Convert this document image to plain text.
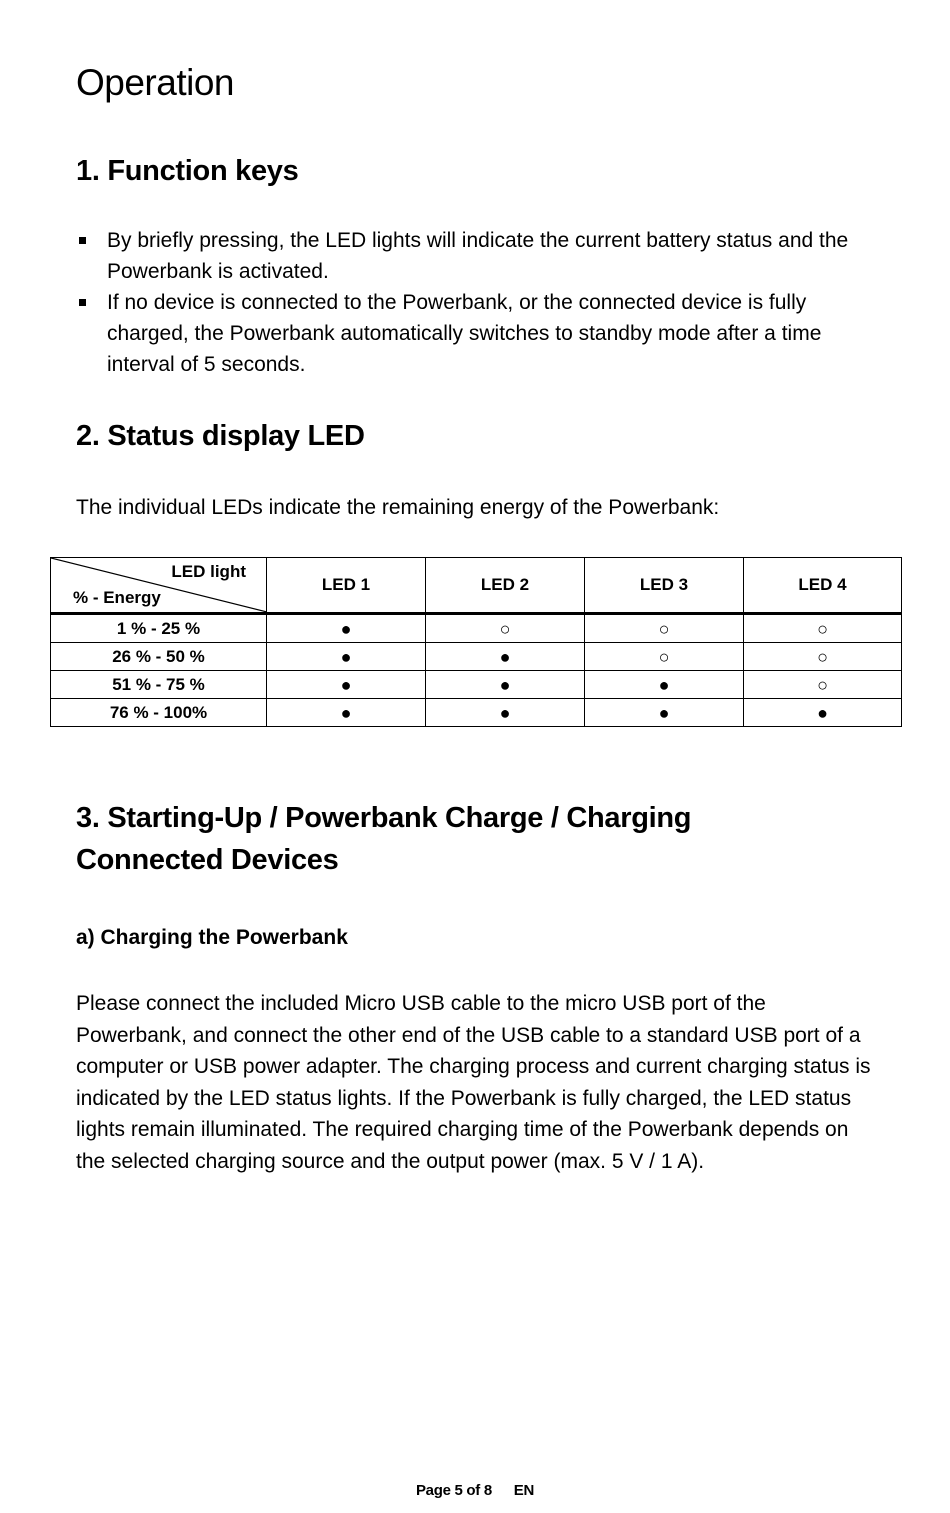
Operation
1. Function keys
By briefly pressing, the LED lights will indicate the current battery status and the Powerbank is activated.
If no device is connected to the Powerbank, or the connected device is fully charged, the Powerbank automatically switches to standby mode after a time interval of 5 seconds.
2. Status display LED

The individual LEDs indicate the remaining energy of the Powerbank:

LED light
% - Energy	LED 1	LED 2	LED 3	LED 4
1 % - 25 %	●	○	○	○
26 % - 50 %	●	●	○	○
51 % - 75 %	●	●	●	○
76 % - 100%	●	●	●	●
3. Starting-Up / Powerbank Charge / Charging
Connected Devices
a) Charging the Powerbank

Please connect the included Micro USB cable to the micro USB port of the Powerbank, and connect the other end of the USB cable to a standard USB port of a computer or USB power adapter. The charging process and current charging status is indicated by the LED status lights. If the Powerbank is fully charged, the LED status lights remain illuminated. The required charging time of the Powerbank depends on the selected charging source and the output power (max. 5 V / 1 A).

Page 5 of 8 EN
